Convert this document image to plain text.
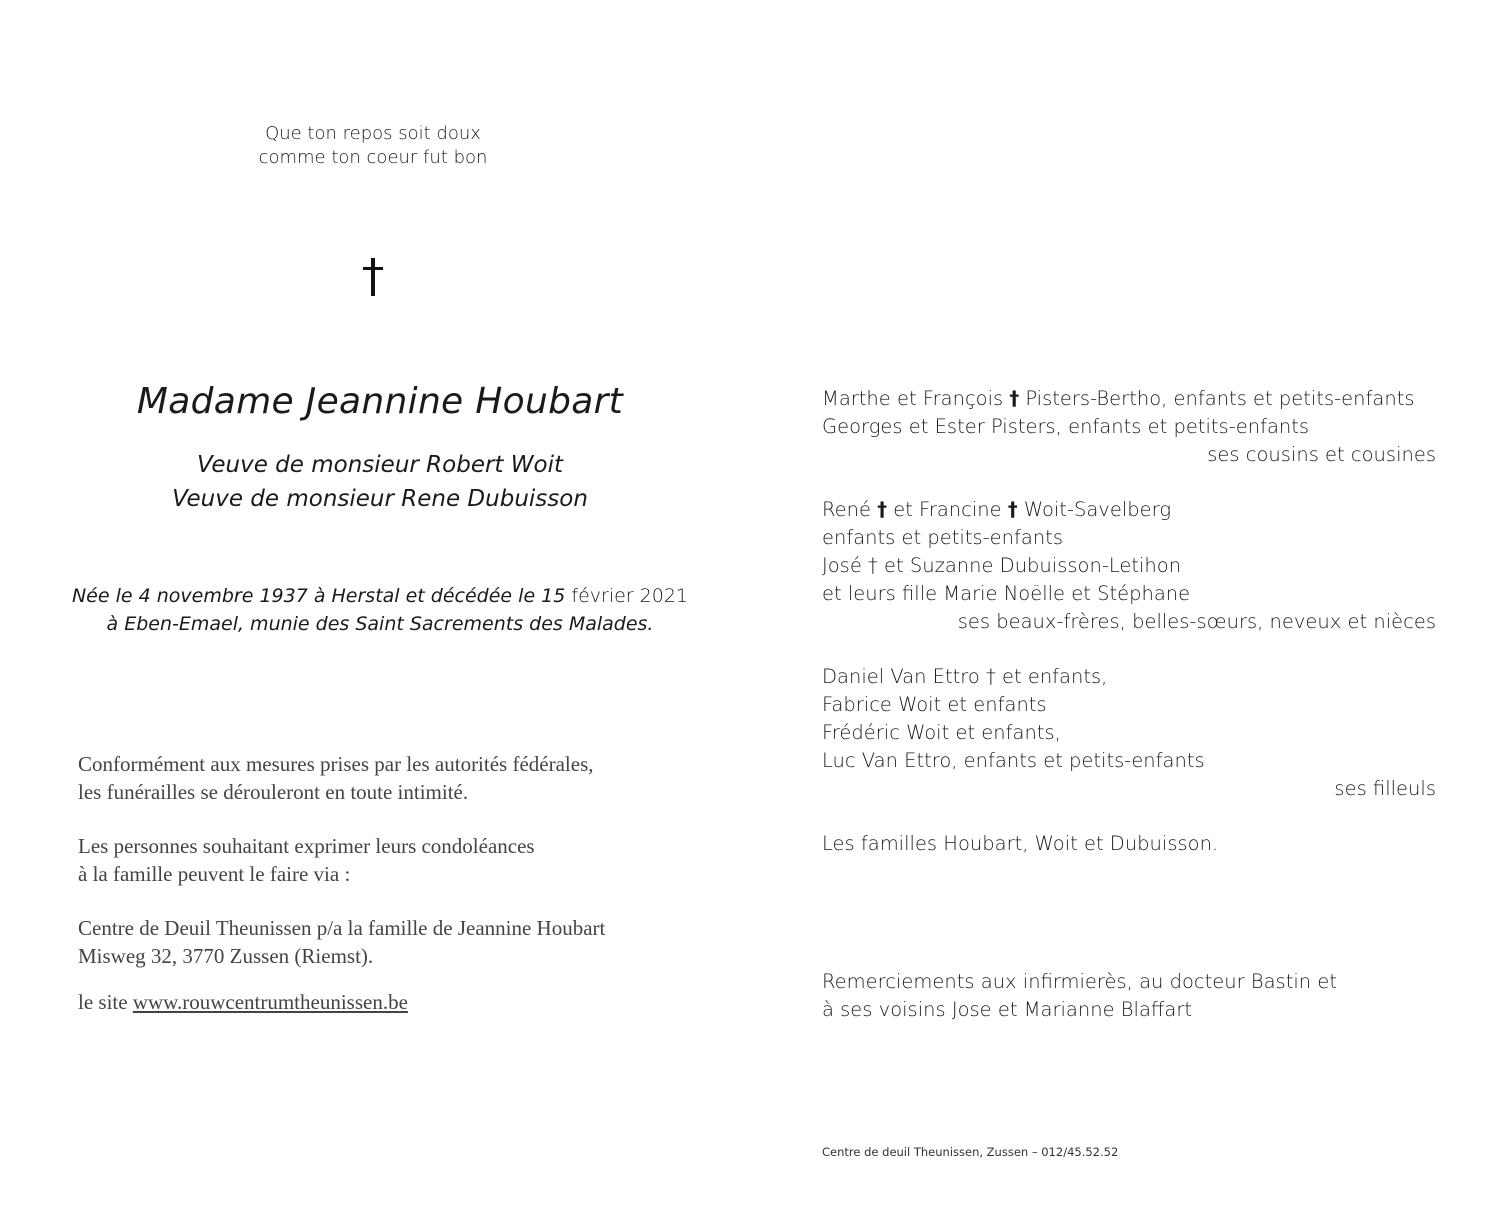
Que ton repos soit doux
comme ton coeur fut bon
Madame Jeannine Houbart
Veuve de monsieur Robert Woit
Veuve de monsieur Rene Dubuisson
Née le 4 novembre 1937 à Herstal et décédée le 15 février 2021
à Eben-Emael, munie des Saint Sacrements des Malades.

Conformément aux mesures prises par les autorités fédérales,

les funérailles se dérouleront en toute intimité.

Les personnes souhaitant exprimer leurs condoléances

à la famille peuvent le faire via :

Centre de Deuil Theunissen p/a la famille de Jeannine Houbart

Misweg 32, 3770 Zussen (Riemst).

le site www.rouwcentrumtheunissen.be

Marthe et François † Pisters-Bertho, enfants et petits-enfants
Georges et Ester Pisters, enfants et petits-enfants
ses cousins et cousines
René † et Francine † Woit-Savelberg
enfants et petits-enfants
José † et Suzanne Dubuisson-Letihon
et leurs fille Marie Noëlle et Stéphane
ses beaux-frères, belles-sœurs, neveux et nièces
Daniel Van Ettro † et enfants,
Fabrice Woit et enfants
Frédéric Woit et enfants,
Luc Van Ettro, enfants et petits-enfants
ses filleuls
Les familles Houbart, Woit et Dubuisson.
Remerciements aux infirmierès, au docteur Bastin et
à ses voisins Jose et Marianne Blaffart
Centre de deuil Theunissen, Zussen – 012/45.52.52
